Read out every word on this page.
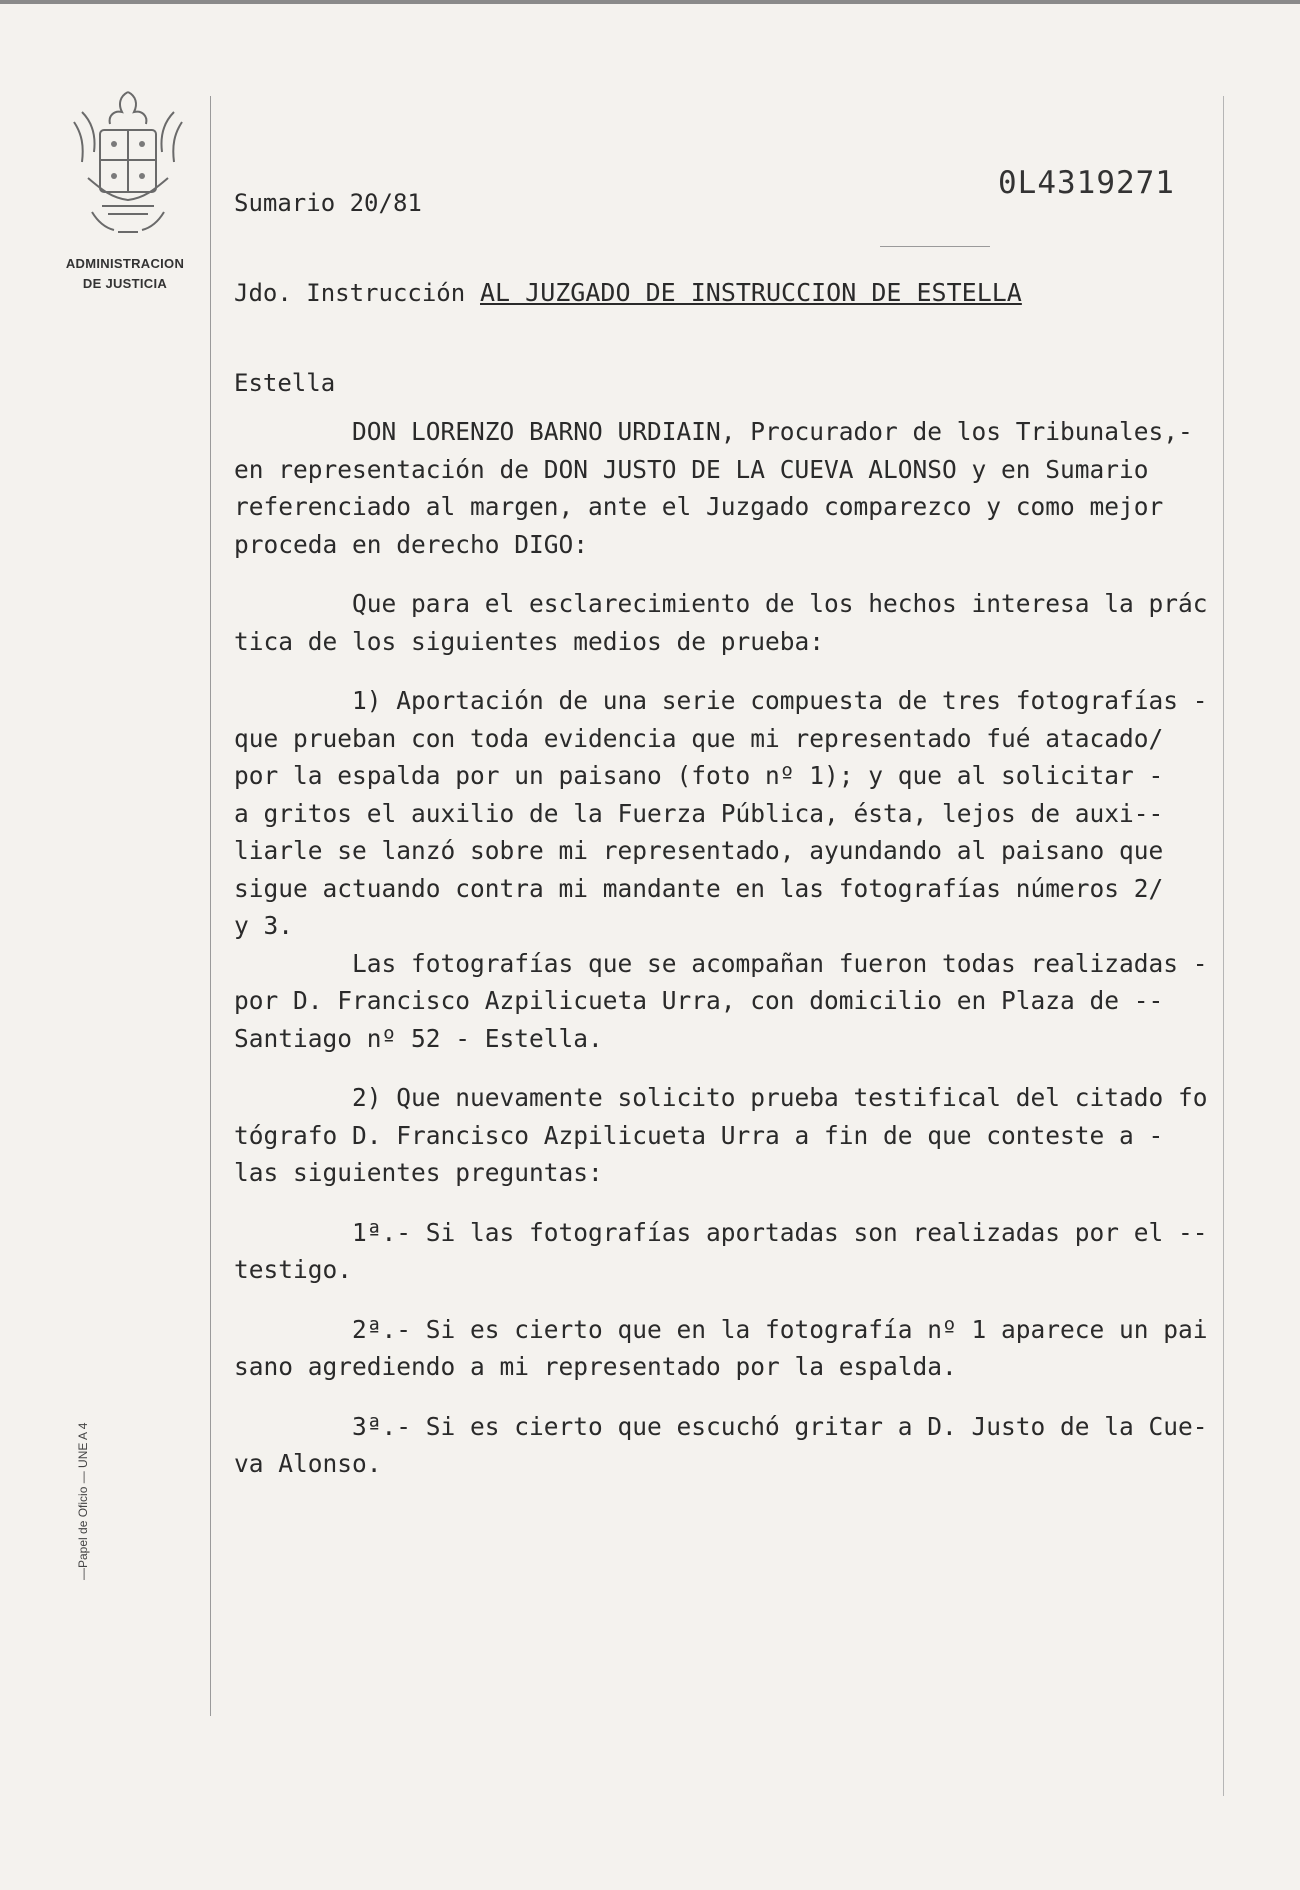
ADMINISTRACION
DE JUSTICIA
—Papel de Oficio — UNE A 4

Sumario 20/81

Jdo. Instrucción

Estella

0L4319271
AL JUZGADO DE INSTRUCCION DE ESTELLA
DON LORENZO BARNO URDIAIN, Procurador de los Tribunales,-
en representación de DON JUSTO DE LA CUEVA ALONSO y en Sumario
referenciado al margen, ante el Juzgado comparezco y como mejor
proceda en derecho DIGO:
Que para el esclarecimiento de los hechos interesa la prác
tica de los siguientes medios de prueba:
1) Aportación de una serie compuesta de tres fotografías -
que prueban con toda evidencia que mi representado fué atacado/
por la espalda por un paisano (foto nº 1); y que al solicitar -
a gritos el auxilio de la Fuerza Pública, ésta, lejos de auxi--
liarle se lanzó sobre mi representado, ayundando al paisano que
sigue actuando contra mi mandante en las fotografías números 2/
y 3.
Las fotografías que se acompañan fueron todas realizadas -
por D. Francisco Azpilicueta Urra, con domicilio en Plaza de --
Santiago nº 52 - Estella.
2) Que nuevamente solicito prueba testifical del citado fo
tógrafo D. Francisco Azpilicueta Urra a fin de que conteste a -
las siguientes preguntas:
1ª.- Si las fotografías aportadas son realizadas por el --
testigo.
2ª.- Si es cierto que en la fotografía nº 1 aparece un pai
sano agrediendo a mi representado por la espalda.
3ª.- Si es cierto que escuchó gritar a D. Justo de la Cue-
va Alonso.
